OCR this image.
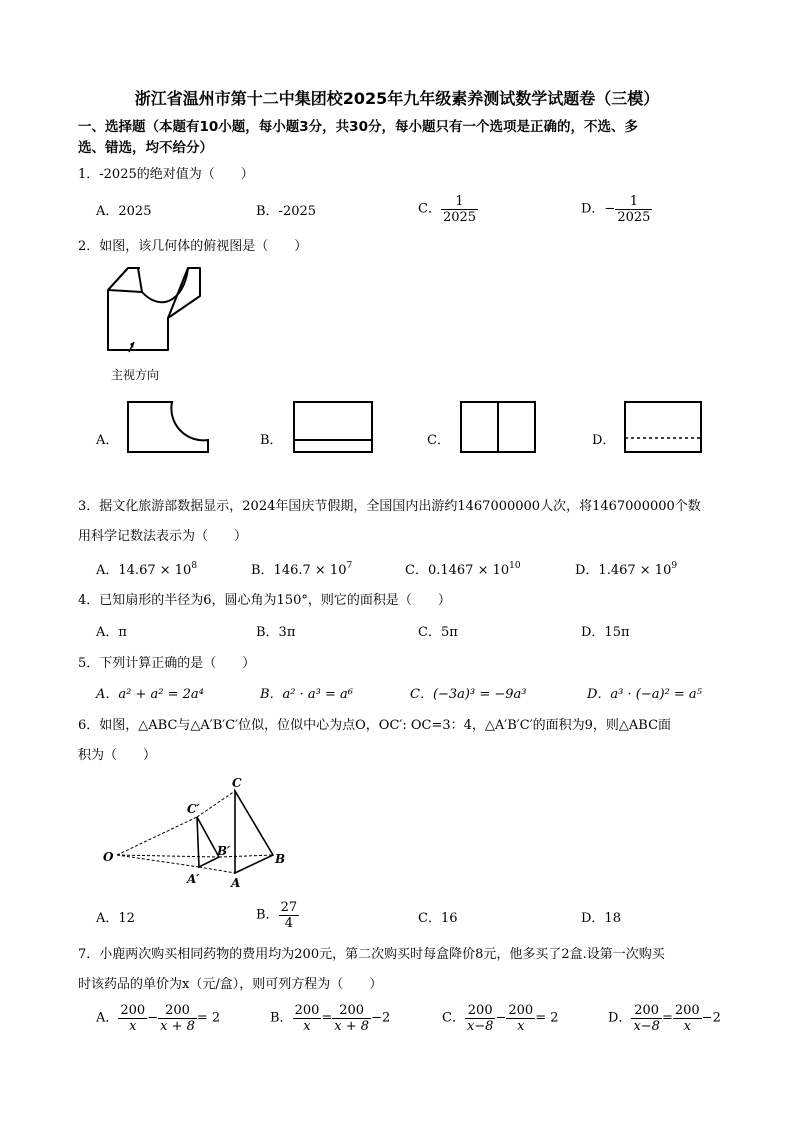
浙江省温州市第十二中集团校2025年九年级素养测试数学试题卷（三模）
一、选择题（本题有10小题，每小题3分，共30分，每小题只有一个选项是正确的，不选、多
选、错选，均不给分）
1．-2025的绝对值为（　　）
A．2025	B．-2025	C． $\frac{1}{2025}$	D．− $\frac{1}{2025}$
2．如图，该几何体的俯视图是（　　）
主视方向
A．	B．	C．	D．
3．据文化旅游部数据显示，2024年国庆节假期，全国国内出游约1467000000人次，将1467000000个数
用科学记数法表示为（　　）
A．$14.67 \times 10^8$	B．$146.7 \times 10^7$	C．$0.1467 \times 10^{10}$	D．$1.467 \times 10^9$
4．已知扇形的半径为6，圆心角为150°，则它的面积是（　　）
A．π	B．3π	C．5π	D．15π
5．下列计算正确的是（　　）
A．a² + a² = 2a⁴	B．a² · a³ = a⁶	C．(−3a)³ = −9a³	D．a³ · (−a)² = a⁵
6．如图，△ABC与△A′B′C′位似，位似中心为点O，OC′: OC=3：4，△A′B′C′的面积为9，则△ABC面
积为（　　）
O
A
B
C
A′
B′
C′
A．12	B． $\frac{27}{4}$	C．16	D．18
7．小鹿两次购买相同药物的费用均为200元，第二次购买时每盒降价8元，他多买了2盒.设第一次购买
时该药品的单价为x（元/盒），则可列方程为（　　）
A． $\frac{200}{x} - \frac{200}{x + 8} = 2$	B． $\frac{200}{x} = \frac{200}{x + 8} -2$	C． $\frac{200}{x-8} - \frac{200}{x} = 2$	D． $\frac{200}{x-8} = \frac{200}{x} -2$
